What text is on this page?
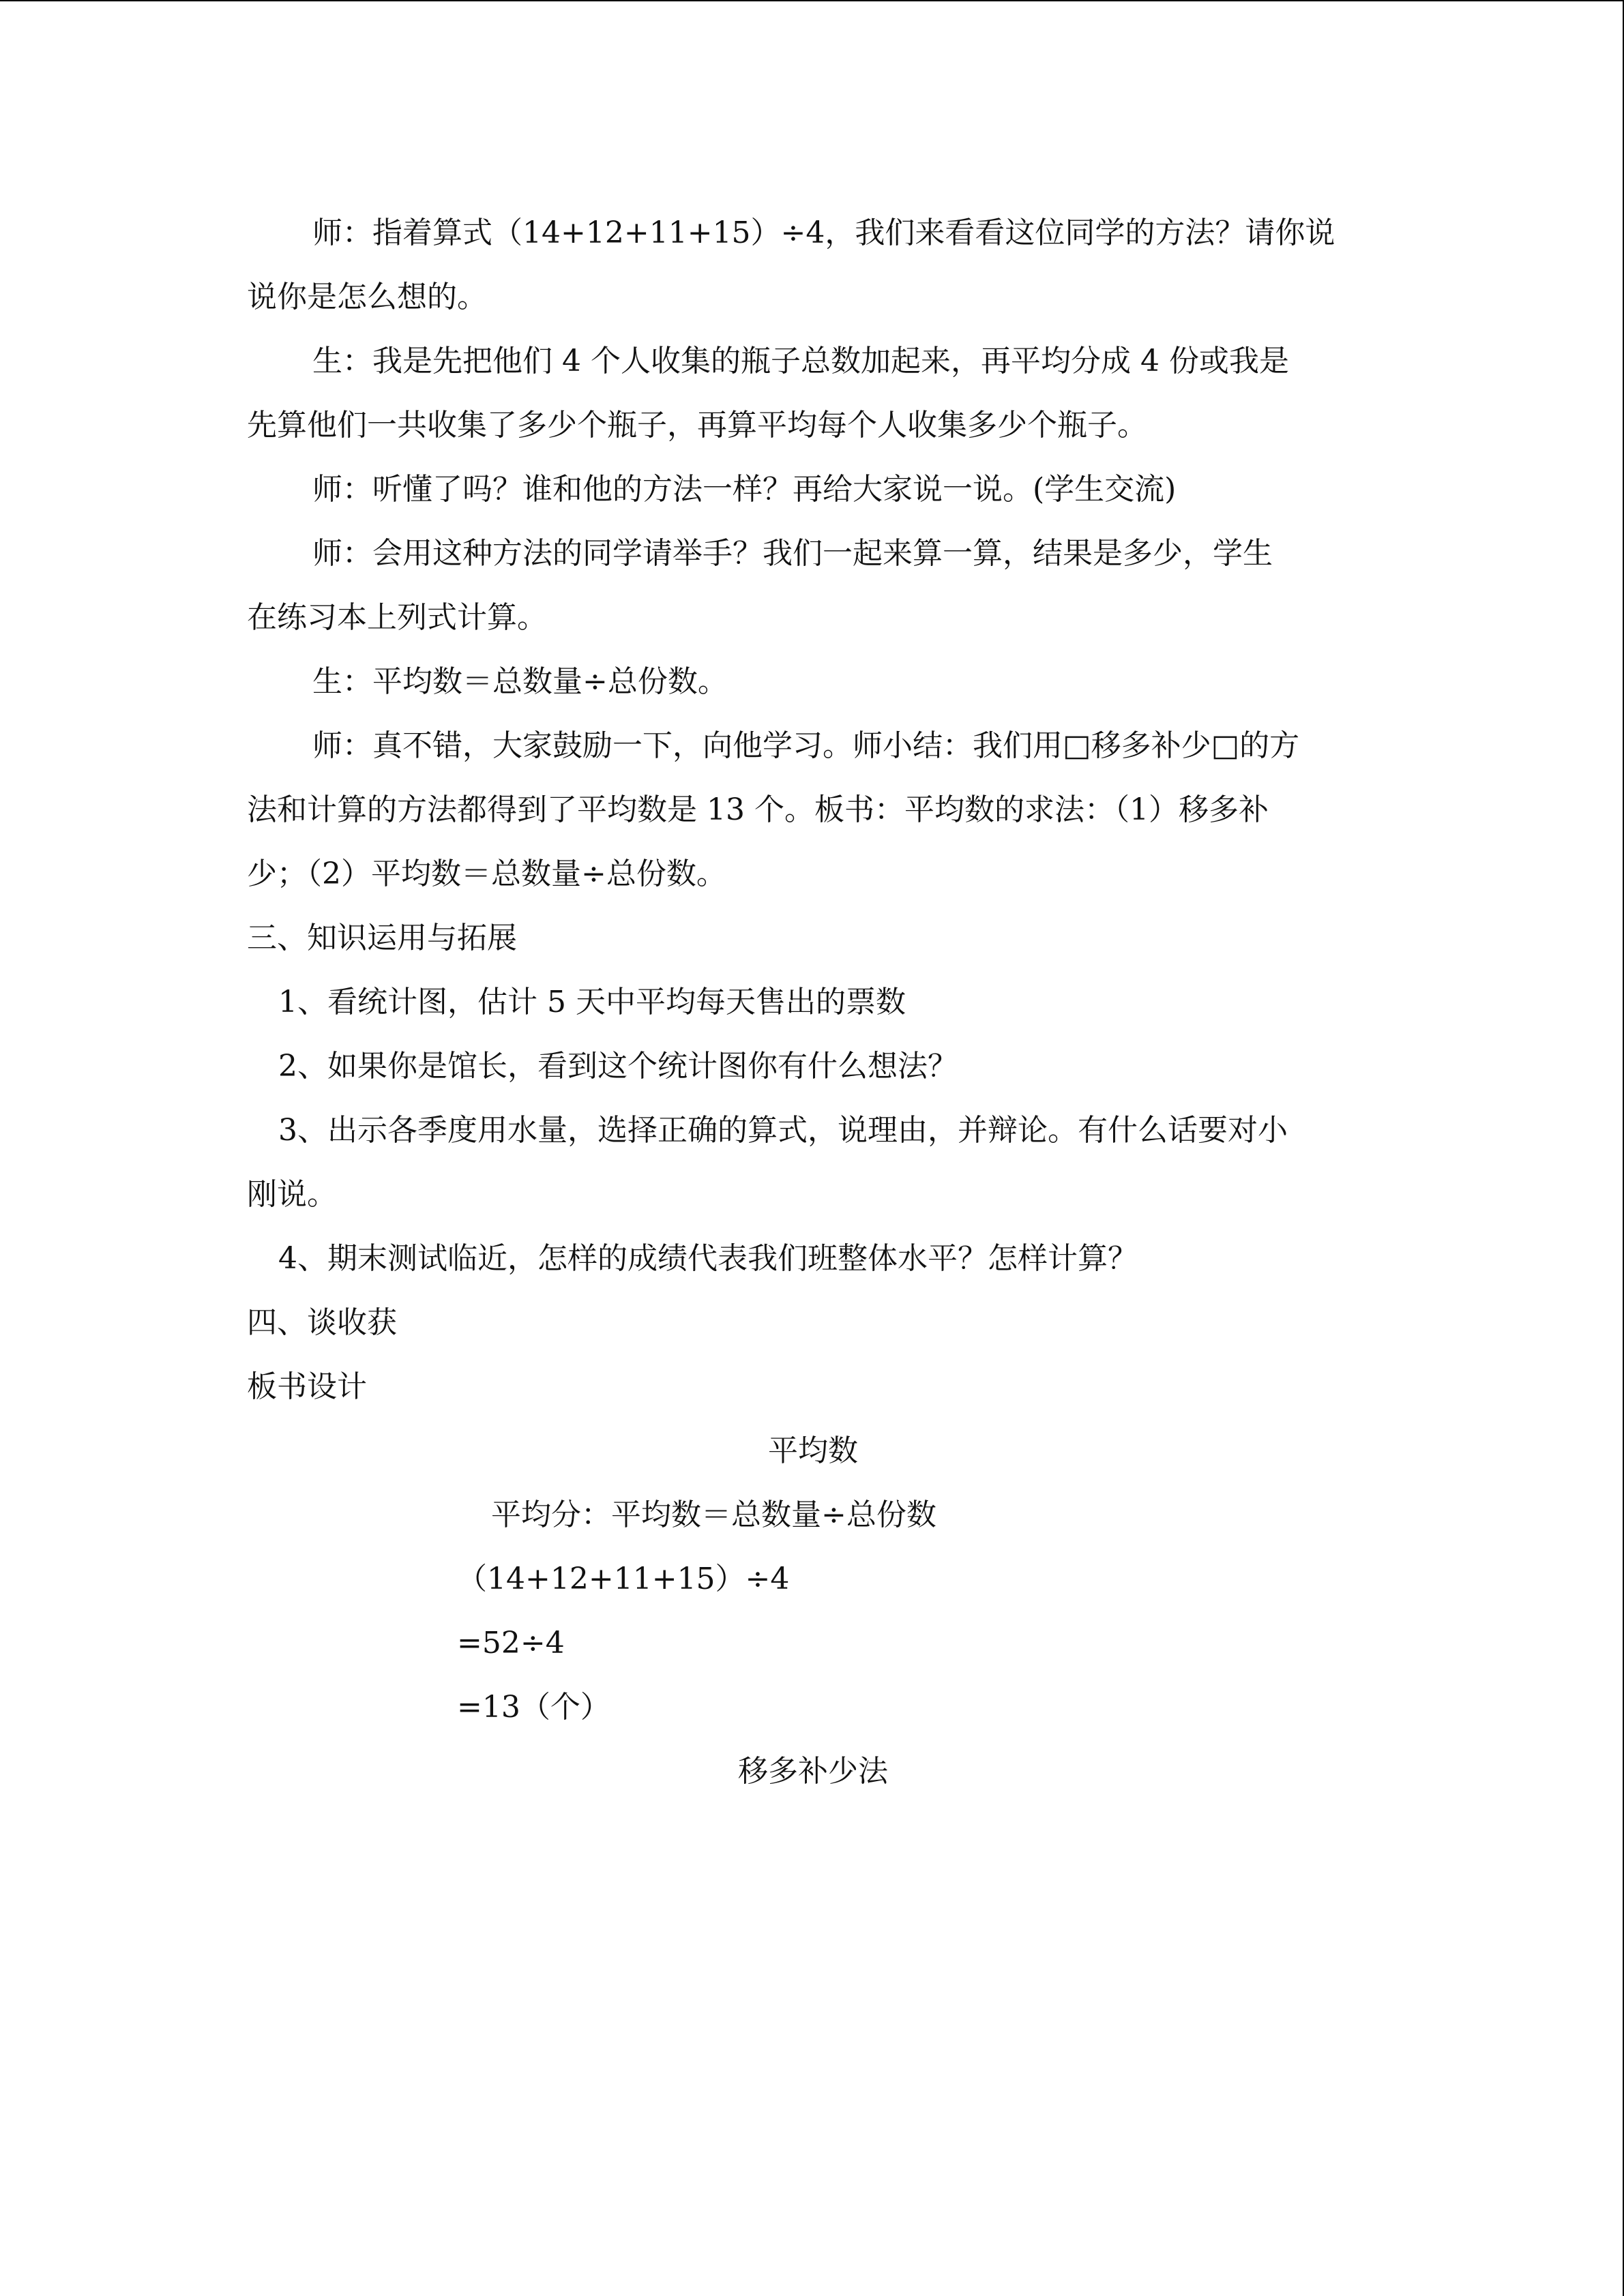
师：指着算式（14+12+11+15）÷4，我们来看看这位同学的方法？请你说

说你是怎么想的。

生：我是先把他们 4 个人收集的瓶子总数加起来，再平均分成 4 份或我是

先算他们一共收集了多少个瓶子，再算平均每个人收集多少个瓶子。

师：听懂了吗？谁和他的方法一样？再给大家说一说。(学生交流)

师：会用这种方法的同学请举手？我们一起来算一算，结果是多少，学生

在练习本上列式计算。

生：平均数＝总数量÷总份数。

师：真不错，大家鼓励一下，向他学习。师小结：我们用□移多补少□的方

法和计算的方法都得到了平均数是 13 个。板书：平均数的求法：（1）移多补

少；（2）平均数＝总数量÷总份数。

三、知识运用与拓展

1、看统计图，估计 5 天中平均每天售出的票数

2、如果你是馆长，看到这个统计图你有什么想法？

3、出示各季度用水量，选择正确的算式，说理由，并辩论。有什么话要对小

刚说。

4、期末测试临近，怎样的成绩代表我们班整体水平？怎样计算？

四、谈收获

板书设计

平均数

平均分：平均数＝总数量÷总份数

（14+12+11+15）÷4

=52÷4

=13（个）

移多补少法
